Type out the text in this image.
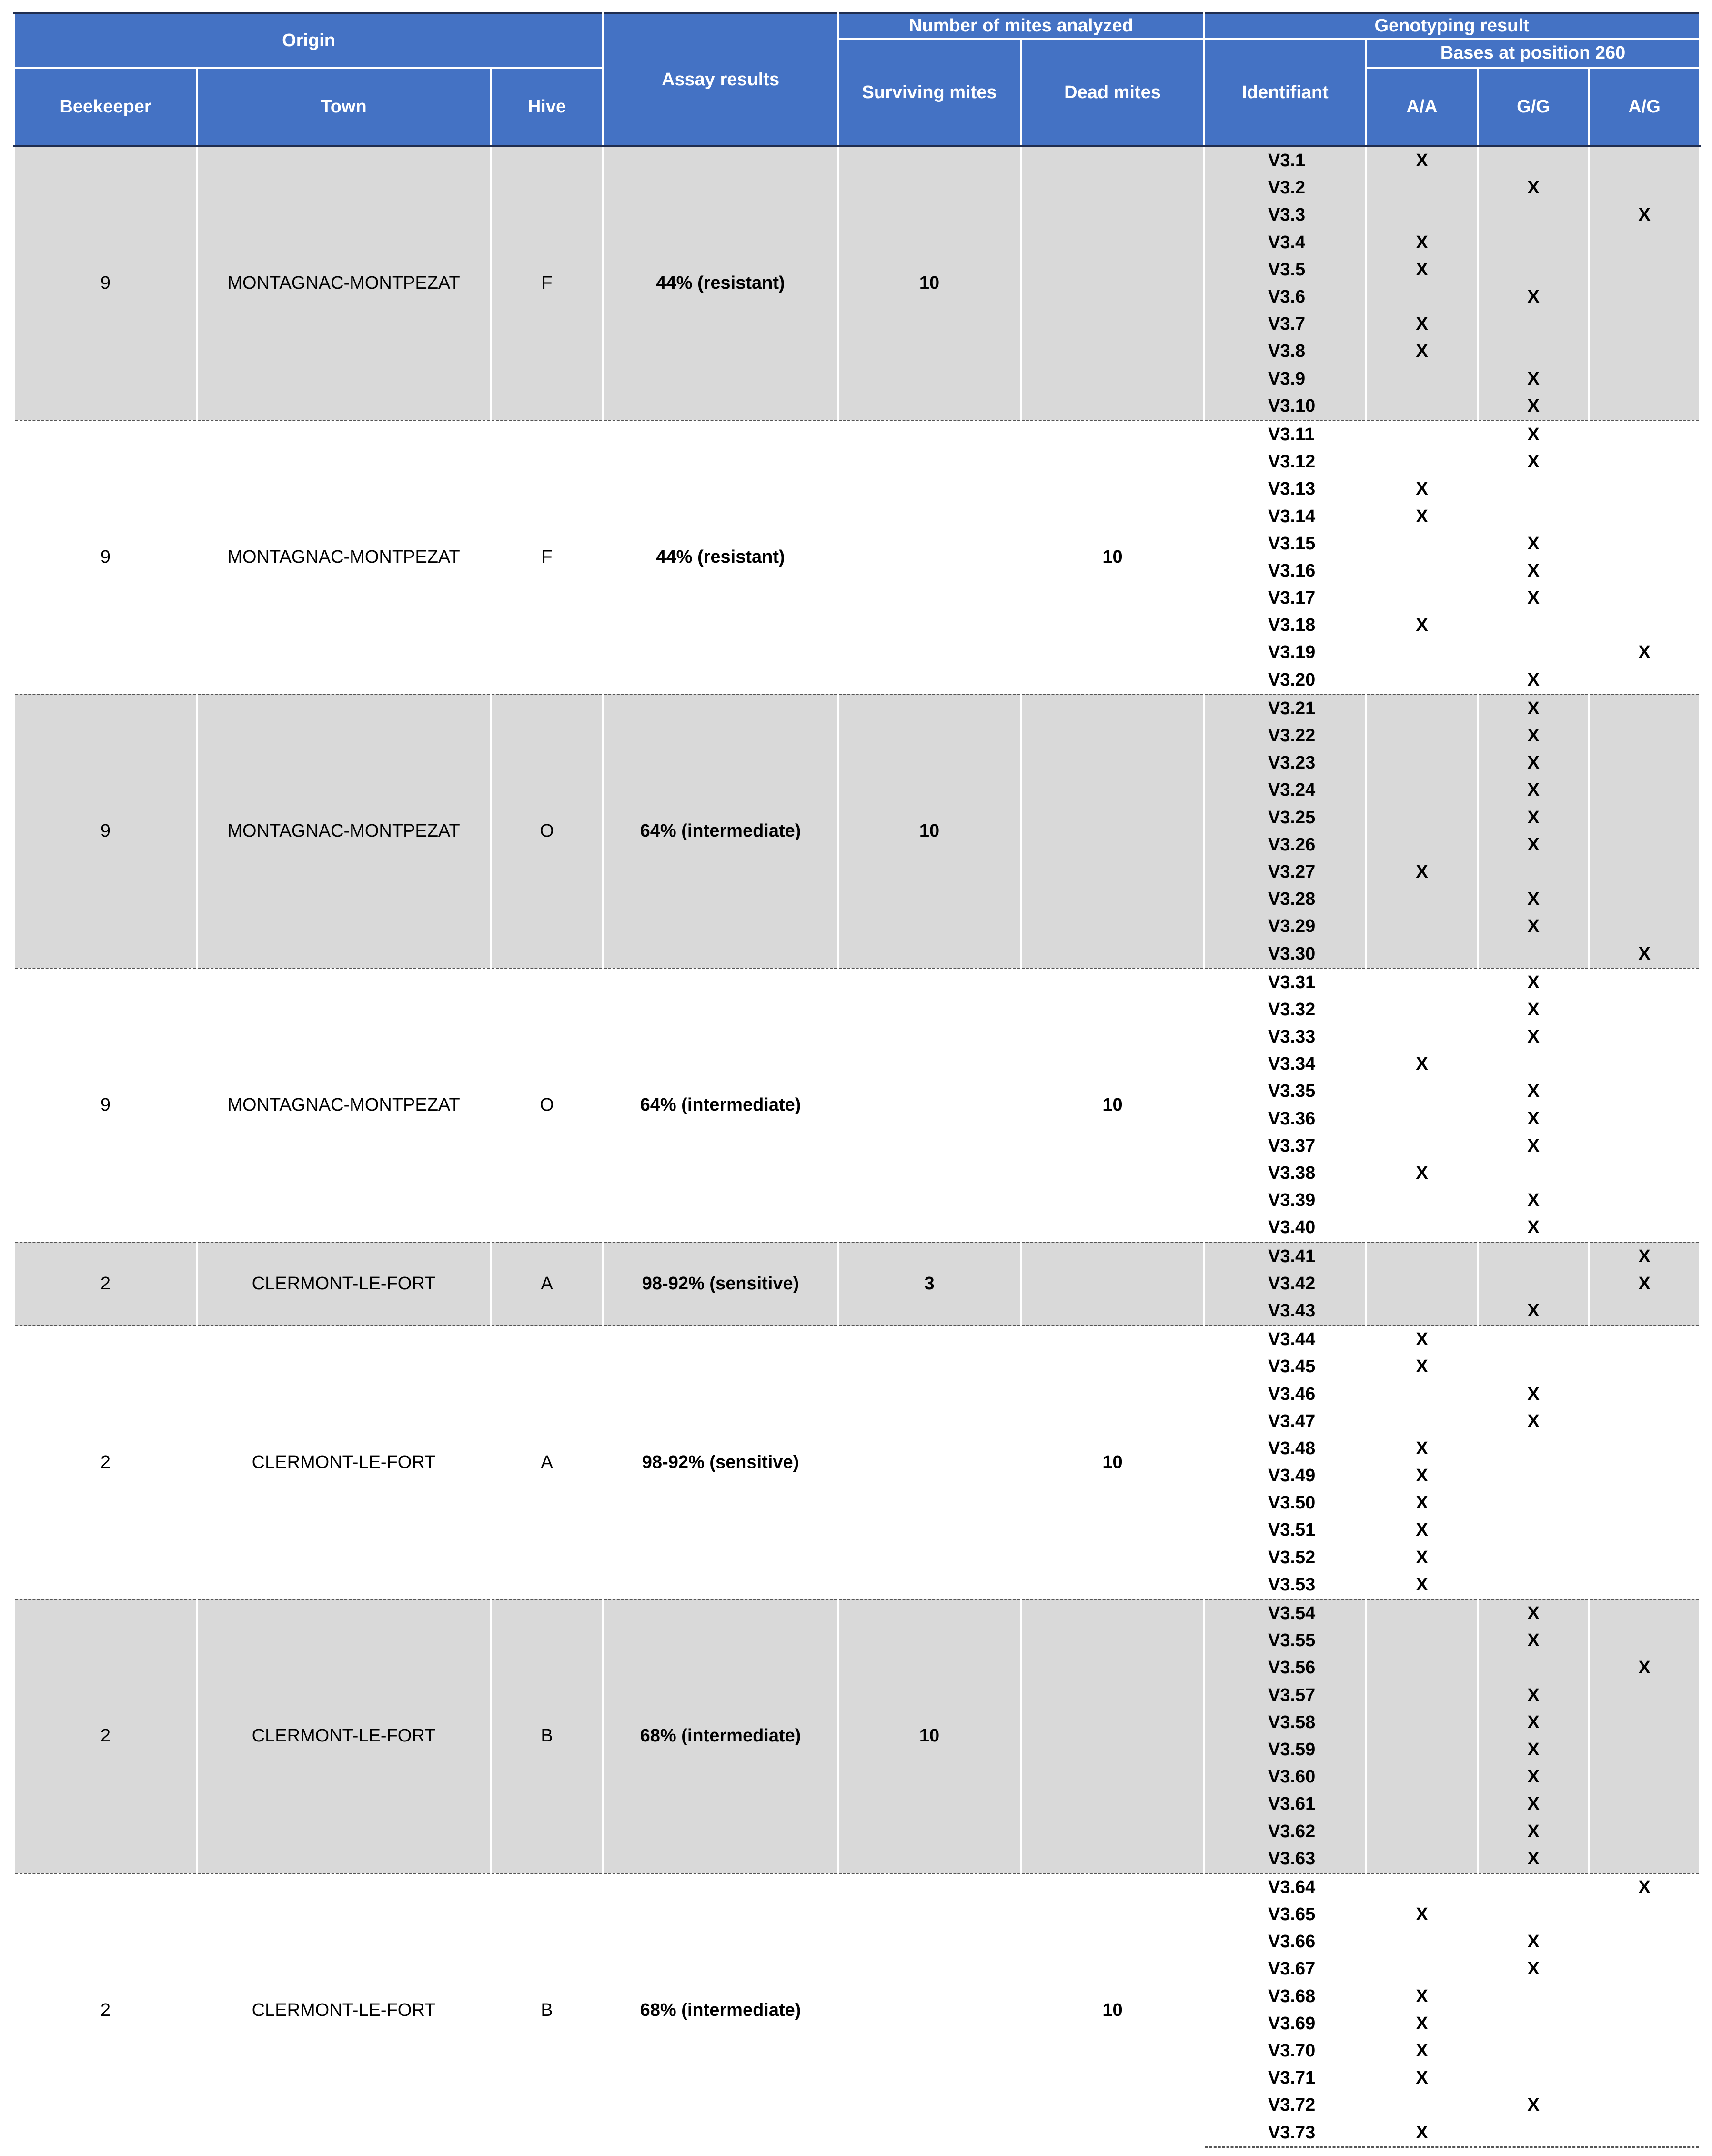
Origin			Assay results	Number of mites analyzed		Genotyping result			
				Surviving mites	Dead mites	Identifiant	Bases at position 260		
Beekeeper	Town	Hive					A/A	G/G	A/G
9	MONTAGNAC-MONTPEZAT	F	44% (resistant)	10		V3.1	X		
						V3.2		X	
						V3.3			X
						V3.4	X		
						V3.5	X		
						V3.6		X	
						V3.7	X		
						V3.8	X		
						V3.9		X	
						V3.10		X	
9	MONTAGNAC-MONTPEZAT	F	44% (resistant)		10	V3.11		X	
						V3.12		X	
						V3.13	X		
						V3.14	X		
						V3.15		X	
						V3.16		X	
						V3.17		X	
						V3.18	X		
						V3.19			X
						V3.20		X	
9	MONTAGNAC-MONTPEZAT	O	64% (intermediate)	10		V3.21		X	
						V3.22		X	
						V3.23		X	
						V3.24		X	
						V3.25		X	
						V3.26		X	
						V3.27	X		
						V3.28		X	
						V3.29		X	
						V3.30			X
9	MONTAGNAC-MONTPEZAT	O	64% (intermediate)		10	V3.31		X	
						V3.32		X	
						V3.33		X	
						V3.34	X		
						V3.35		X	
						V3.36		X	
						V3.37		X	
						V3.38	X		
						V3.39		X	
						V3.40		X	
2	CLERMONT-LE-FORT	A	98-92% (sensitive)	3		V3.41			X
						V3.42			X
						V3.43		X	
2	CLERMONT-LE-FORT	A	98-92% (sensitive)		10	V3.44	X		
						V3.45	X		
						V3.46		X	
						V3.47		X	
						V3.48	X		
						V3.49	X		
						V3.50	X		
						V3.51	X		
						V3.52	X		
						V3.53	X		
2	CLERMONT-LE-FORT	B	68% (intermediate)	10		V3.54		X	
						V3.55		X	
						V3.56			X
						V3.57		X	
						V3.58		X	
						V3.59		X	
						V3.60		X	
						V3.61		X	
						V3.62		X	
						V3.63		X	
2	CLERMONT-LE-FORT	B	68% (intermediate)		10	V3.64			X
						V3.65	X		
						V3.66		X	
						V3.67		X	
						V3.68	X		
						V3.69	X		
						V3.70	X		
						V3.71	X		
						V3.72		X	
						V3.73	X		
